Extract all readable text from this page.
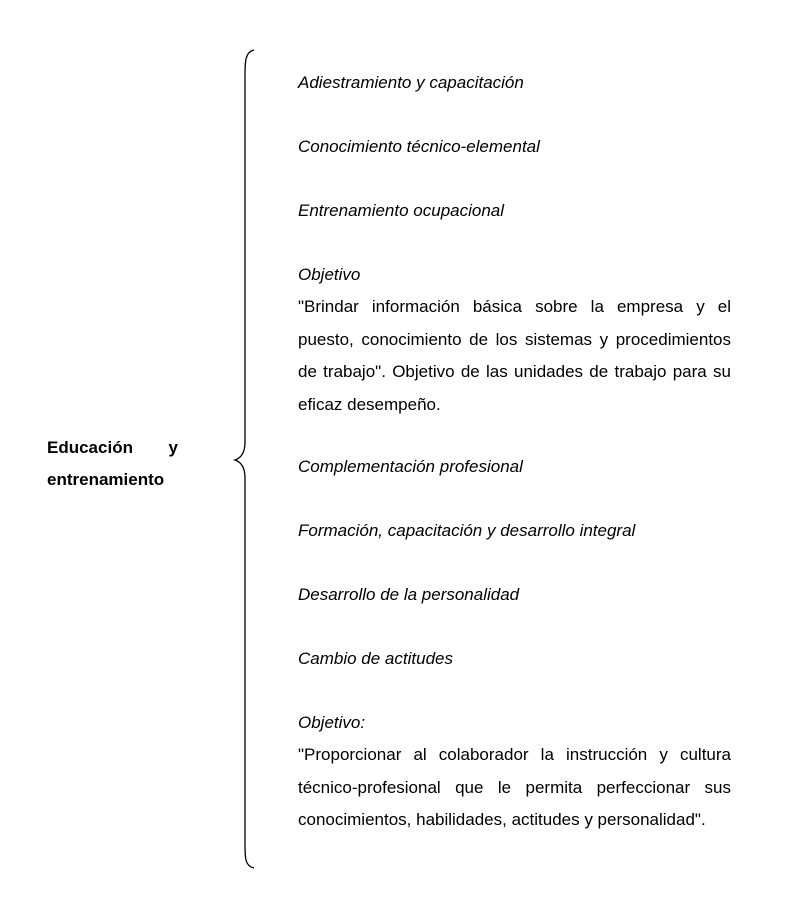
Educación y
entrenamiento
Adiestramiento y capacitación
Conocimiento técnico-elemental
Entrenamiento ocupacional
Objetivo
"Brindar información básica sobre la empresa y el puesto, conocimiento de los sistemas y procedimientos de trabajo". Objetivo de las unidades de trabajo para su eficaz desempeño.
Complementación profesional
Formación, capacitación y desarrollo integral
Desarrollo de la personalidad
Cambio de actitudes
Objetivo:
"Proporcionar al colaborador la instrucción y cultura técnico-profesional que le permita perfeccionar sus conocimientos, habilidades, actitudes y personalidad".
